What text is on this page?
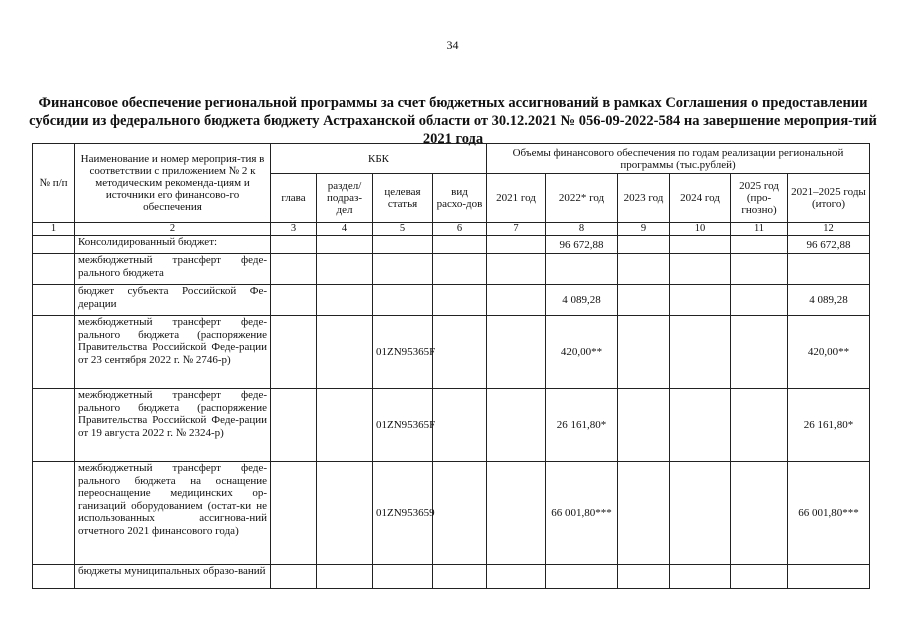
34
Финансовое обеспечение региональной программы за счет бюджетных ассигнований в рамках Соглашения о предоставлении субсидии из федерального бюджета бюджету Астраханской области от 30.12.2021 № 056-09-2022-584 на завершение мероприя-тий 2021 года
№ п/п	Наименование и номер мероприя-тия в соответствии с приложением № 2 к методическим рекоменда-циям и источники его финансово-го обеспечения	КБК				Объемы финансового обеспечения по годам реализации региональной программы (тыс.рублей)					
		глава	раздел/ подраз-дел	целевая статья	вид расхо-дов	2021 год	2022* год	2023 год	2024 год	2025 год (про-гнозно)	2021–2025 годы (итого)
1	2	3	4	5	6	7	8	9	10	11	12
	Консолидированный бюджет:						96 672,88				96 672,88
	межбюджетный трансферт феде-рального бюджета										
	бюджет субъекта Российской Фе-дерации						4 089,28				4 089,28
	межбюджетный трансферт феде-рального бюджета (распоряжение Правительства Российской Феде-рации от 23 сентября 2022 г. № 2746-р)			01ZN95365F			420,00**				420,00**
	межбюджетный трансферт феде-рального бюджета (распоряжение Правительства Российской Феде-рации от 19 августа 2022 г. № 2324-р)			01ZN95365F			26 161,80*				26 161,80*
	межбюджетный трансферт феде-рального бюджета на оснащение переоснащение медицинских ор-ганизаций оборудованием (остат-ки не использованных ассигнова-ний отчетного 2021 финансового года)			01ZN953659			66 001,80***				66 001,80***
	бюджеты муниципальных образо-ваний										
